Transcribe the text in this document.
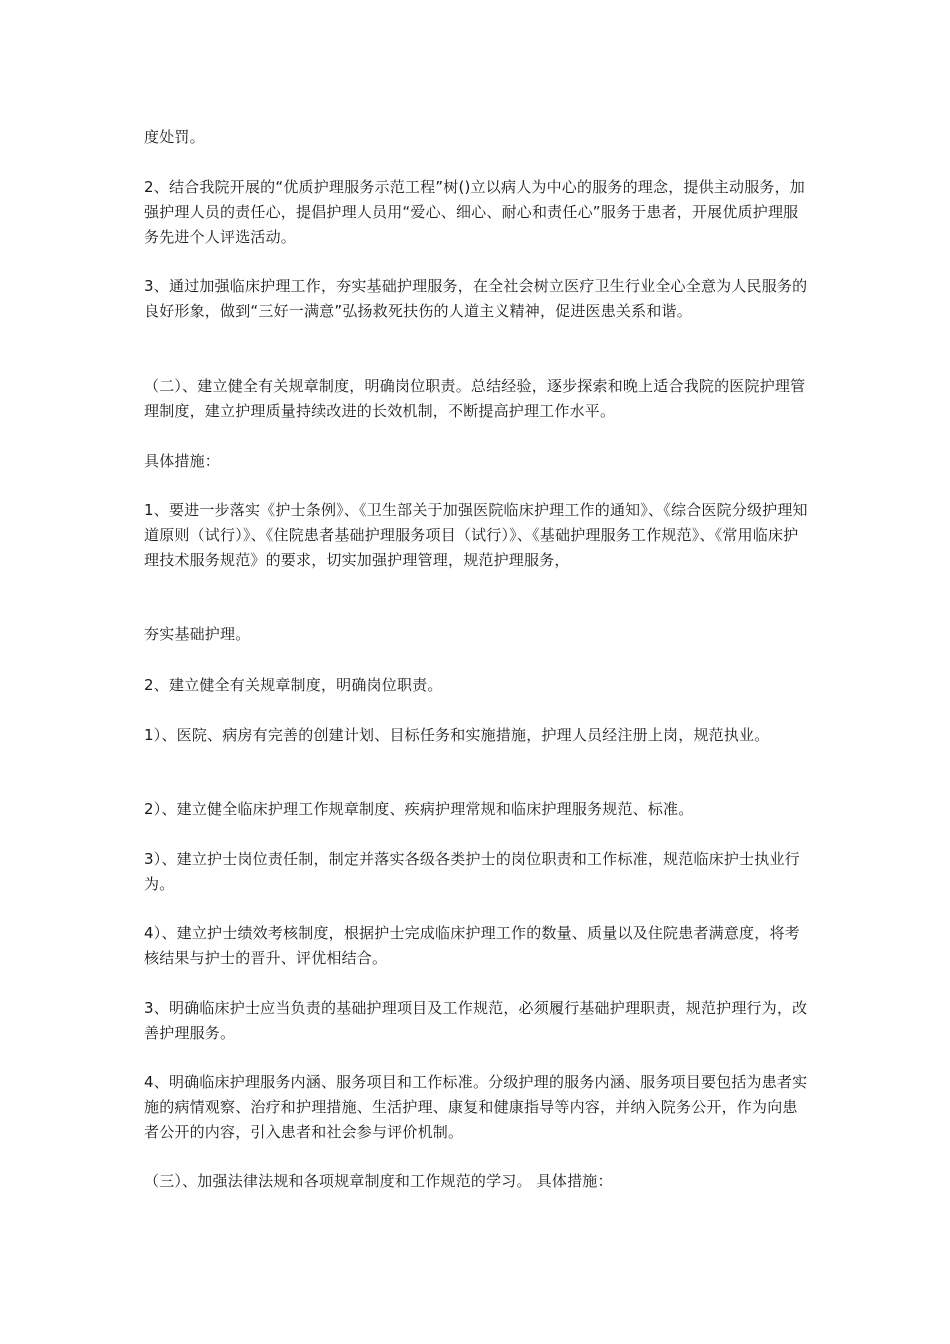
度处罚。

2、结合我院开展的“优质护理服务示范工程”树()立以病人为中心的服务的理念，提供主动服务，加强护理人员的责任心，提倡护理人员用“爱心、细心、耐心和责任心”服务于患者，开展优质护理服务先进个人评选活动。

3、通过加强临床护理工作，夯实基础护理服务，在全社会树立医疗卫生行业全心全意为人民服务的良好形象，做到“三好一满意”弘扬救死扶伤的人道主义精神，促进医患关系和谐。

（二）、建立健全有关规章制度，明确岗位职责。总结经验，逐步探索和晚上适合我院的医院护理管理制度，建立护理质量持续改进的长效机制，不断提高护理工作水平。

具体措施：

1、要进一步落实《护士条例》、《卫生部关于加强医院临床护理工作的通知》、《综合医院分级护理知道原则（试行）》、《住院患者基础护理服务项目（试行）》、《基础护理服务工作规范》、《常用临床护理技术服务规范》的要求，切实加强护理管理，规范护理服务，

夯实基础护理。

2、建立健全有关规章制度，明确岗位职责。

1）、医院、病房有完善的创建计划、目标任务和实施措施，护理人员经注册上岗，规范执业。

2）、建立健全临床护理工作规章制度、疾病护理常规和临床护理服务规范、标准。

3）、建立护士岗位责任制，制定并落实各级各类护士的岗位职责和工作标准，规范临床护士执业行为。

4）、建立护士绩效考核制度，根据护士完成临床护理工作的数量、质量以及住院患者满意度，将考核结果与护士的晋升、评优相结合。

3、明确临床护士应当负责的基础护理项目及工作规范，必须履行基础护理职责，规范护理行为，改善护理服务。

4、明确临床护理服务内涵、服务项目和工作标准。分级护理的服务内涵、服务项目要包括为患者实施的病情观察、治疗和护理措施、生活护理、康复和健康指导等内容，并纳入院务公开，作为向患者公开的内容，引入患者和社会参与评价机制。

（三）、加强法律法规和各项规章制度和工作规范的学习。 具体措施：
